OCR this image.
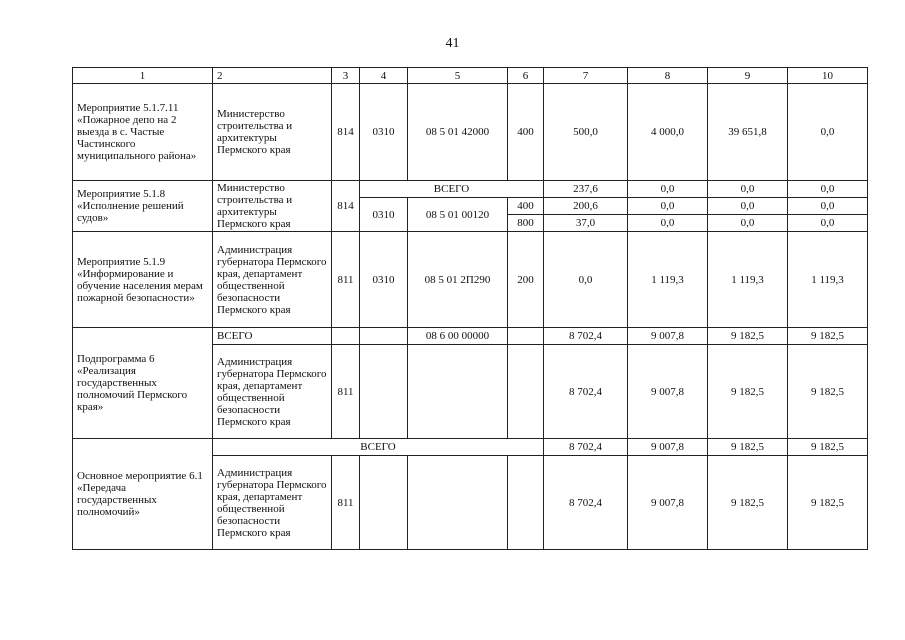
41
1	2	3	4	5	6	7	8	9	10
Мероприятие 5.1.7.11 «Пожарное депо на 2 выезда в с. Частые Частинского муниципального района»	Министерство строительства и архитектуры Пермского края	814	0310	08 5 01 42000	400	500,0	4 000,0	39 651,8	0,0
Мероприятие 5.1.8 «Исполнение решений судов»	Министерство строительства и архитектуры Пермского края	814	ВСЕГО			237,6	0,0	0,0	0,0
			0310	08 5 01 00120	400	200,6	0,0	0,0	0,0
					800	37,0	0,0	0,0	0,0
Мероприятие 5.1.9 «Информирование и обучение населения мерам пожарной безопасности»	Администрация губернатора Пермского края, департамент общественной безопасности Пермского края	811	0310	08 5 01 2П290	200	0,0	1 119,3	1 119,3	1 119,3
Подпрограмма 6 «Реализация государственных полномочий Пермского края»	ВСЕГО			08 6 00 00000		8 702,4	9 007,8	9 182,5	9 182,5
	Администрация губернатора Пермского края, департамент общественной безопасности Пермского края	811				8 702,4	9 007,8	9 182,5	9 182,5
Основное мероприятие 6.1 «Передача государственных полномочий»	ВСЕГО					8 702,4	9 007,8	9 182,5	9 182,5
	Администрация губернатора Пермского края, департамент общественной безопасности Пермского края	811				8 702,4	9 007,8	9 182,5	9 182,5
